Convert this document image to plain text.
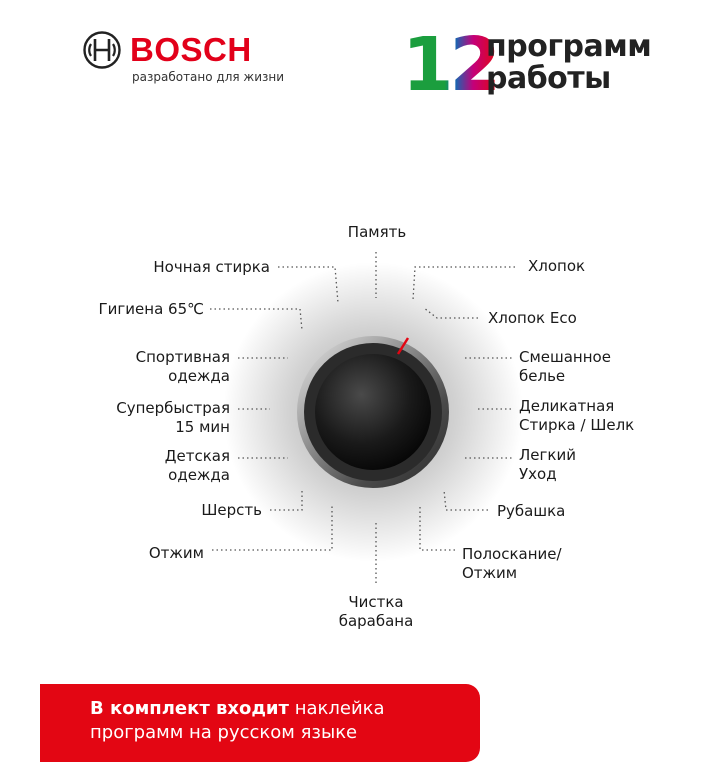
BOSCH
разработано для жизни 12
программ
работы
Память
Ночная стирка
Гигиена 65℃
Спортивная
одежда
Супербыстрая
15 мин
Детская
одежда
Шерсть
Отжим
Хлопок
Хлопок Eco
Смешанное
белье
Деликатная
Стирка / Шелк
Легкий
Уход
Рубашка
Полоскание/
Отжим
Чистка
барабана
В комплект входит наклейка
программ на русском языке
